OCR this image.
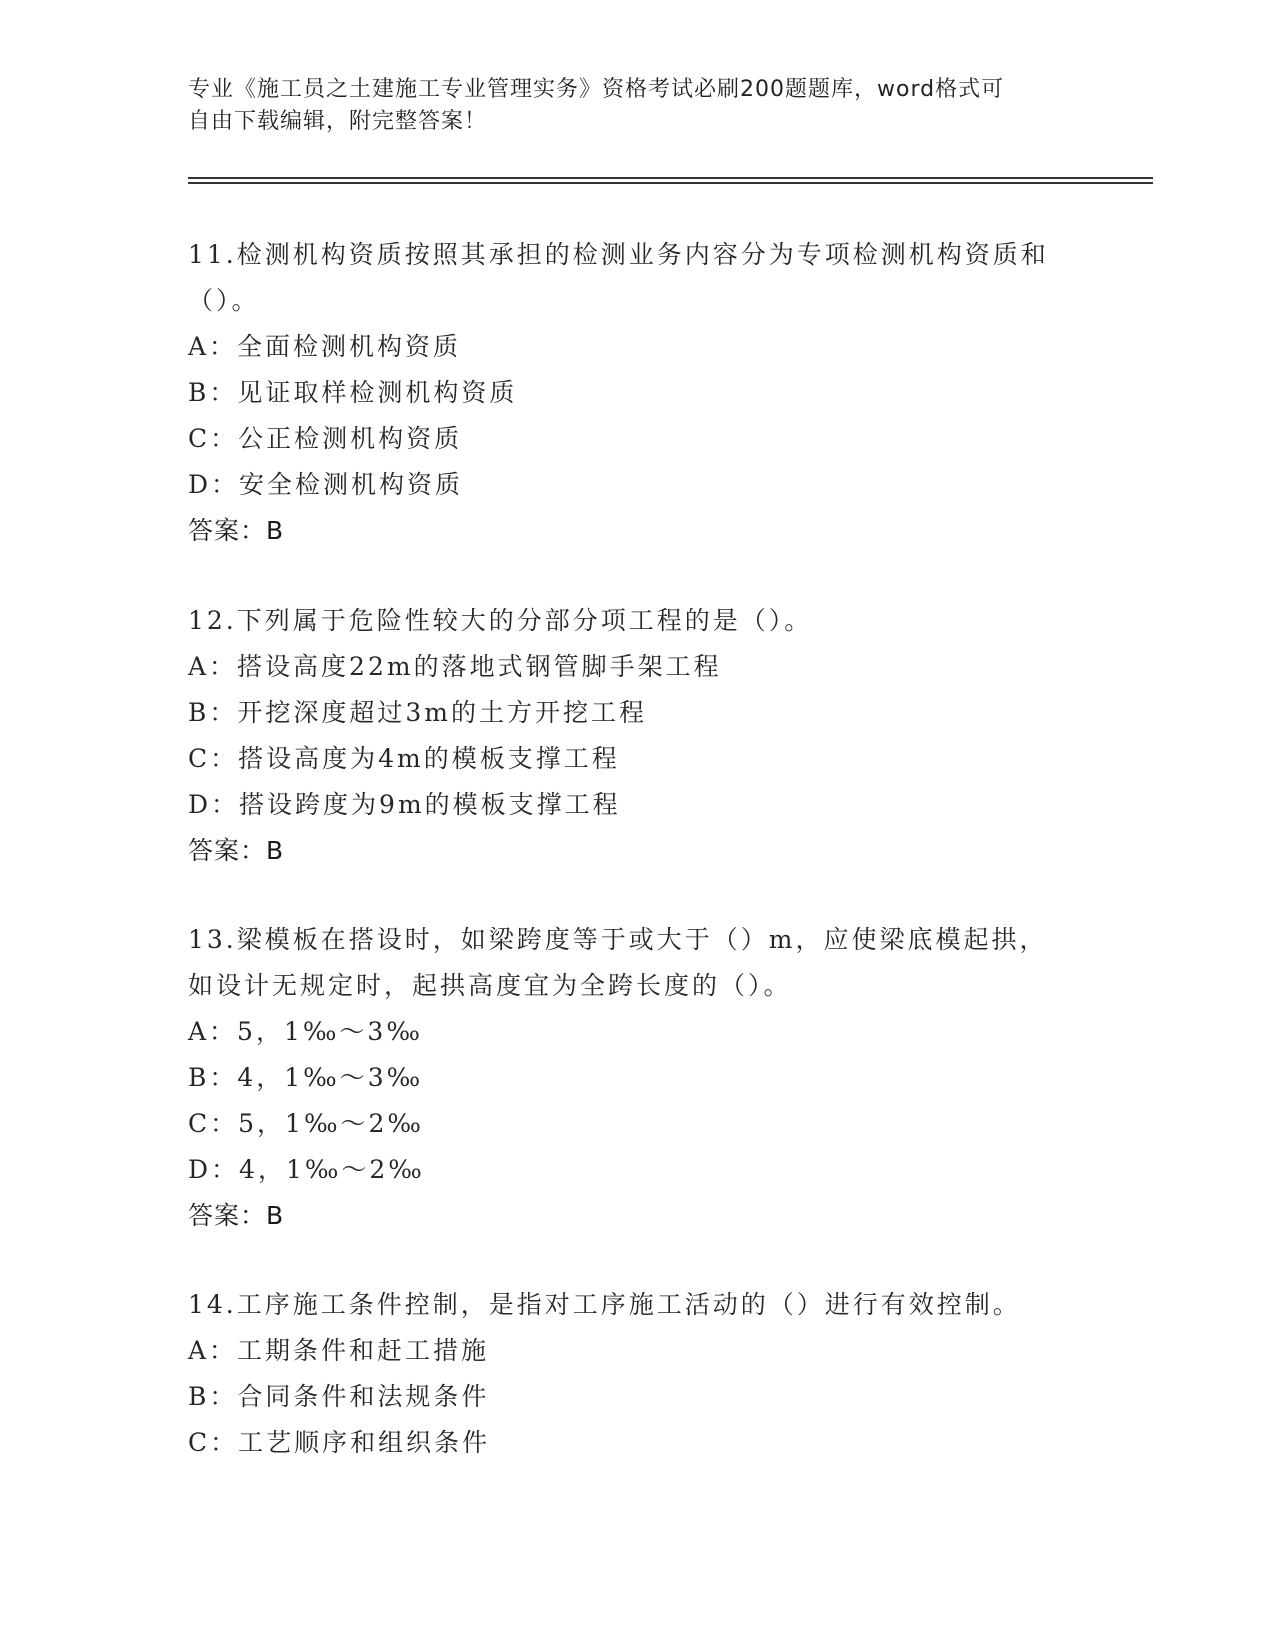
专业《施工员之土建施工专业管理实务》资格考试必刷200题题库，word格式可
自由下载编辑，附完整答案！
11.检测机构资质按照其承担的检测业务内容分为专项检测机构资质和
（）。
A：全面检测机构资质
B：见证取样检测机构资质
C：公正检测机构资质
D：安全检测机构资质
答案：B
12.下列属于危险性较大的分部分项工程的是（）。
A：搭设高度22m的落地式钢管脚手架工程
B：开挖深度超过3m的土方开挖工程
C：搭设高度为4m的模板支撑工程
D：搭设跨度为9m的模板支撑工程
答案：B
13.梁模板在搭设时，如梁跨度等于或大于（）m，应使梁底模起拱，
如设计无规定时，起拱高度宜为全跨长度的（）。
A：5，1‰～3‰
B：4，1‰～3‰
C：5，1‰～2‰
D：4，1‰～2‰
答案：B
14.工序施工条件控制，是指对工序施工活动的（）进行有效控制。
A：工期条件和赶工措施
B：合同条件和法规条件
C：工艺顺序和组织条件
